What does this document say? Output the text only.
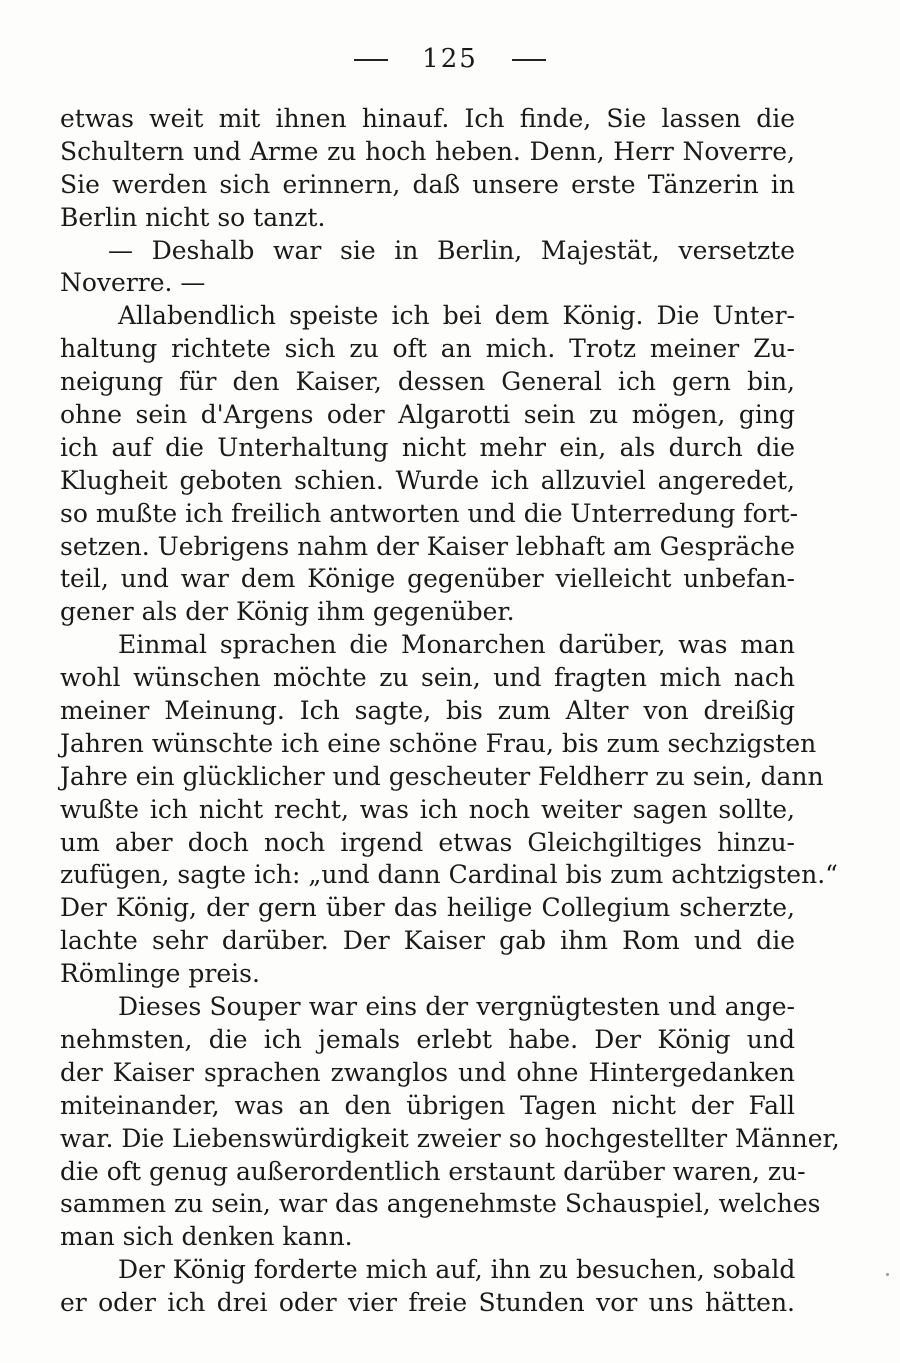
125
etwas weit mit ihnen hinauf. Ich finde, Sie lassen die
Schultern und Arme zu hoch heben. Denn, Herr Noverre,
Sie werden sich erinnern, daß unsere erste Tänzerin in
Berlin nicht so tanzt.
— Deshalb war sie in Berlin, Majestät, versetzte
Noverre. —
Allabendlich speiste ich bei dem König. Die Unter-
haltung richtete sich zu oft an mich. Trotz meiner Zu-
neigung für den Kaiser, dessen General ich gern bin,
ohne sein d'Argens oder Algarotti sein zu mögen, ging
ich auf die Unterhaltung nicht mehr ein, als durch die
Klugheit geboten schien. Wurde ich allzuviel angeredet,
so mußte ich freilich antworten und die Unterredung fort-
setzen. Uebrigens nahm der Kaiser lebhaft am Gespräche
teil, und war dem Könige gegenüber vielleicht unbefan-
gener als der König ihm gegenüber.
Einmal sprachen die Monarchen darüber, was man
wohl wünschen möchte zu sein, und fragten mich nach
meiner Meinung. Ich sagte, bis zum Alter von dreißig
Jahren wünschte ich eine schöne Frau, bis zum sechzigsten
Jahre ein glücklicher und gescheuter Feldherr zu sein, dann
wußte ich nicht recht, was ich noch weiter sagen sollte,
um aber doch noch irgend etwas Gleichgiltiges hinzu-
zufügen, sagte ich: „und dann Cardinal bis zum achtzigsten.“
Der König, der gern über das heilige Collegium scherzte,
lachte sehr darüber. Der Kaiser gab ihm Rom und die
Römlinge preis.
Dieses Souper war eins der vergnügtesten und ange-
nehmsten, die ich jemals erlebt habe. Der König und
der Kaiser sprachen zwanglos und ohne Hintergedanken
miteinander, was an den übrigen Tagen nicht der Fall
war. Die Liebenswürdigkeit zweier so hochgestellter Männer,
die oft genug außerordentlich erstaunt darüber waren, zu-
sammen zu sein, war das angenehmste Schauspiel, welches
man sich denken kann.
Der König forderte mich auf, ihn zu besuchen, sobald
er oder ich drei oder vier freie Stunden vor uns hätten.
